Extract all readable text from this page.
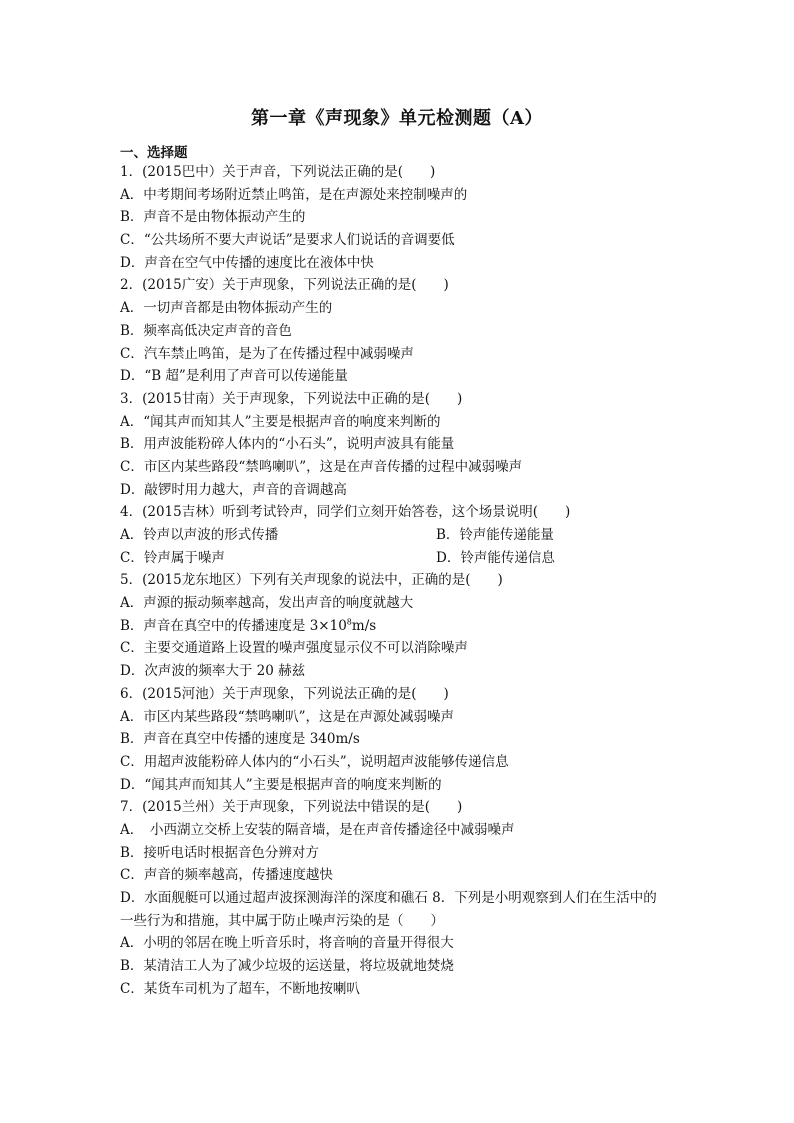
第一章《声现象》单元检测题（A）
一、选择题
1．(2015巴中）关于声音，下列说法正确的是(　　)
A．中考期间考场附近禁止鸣笛，是在声源处来控制噪声的
B．声音不是由物体振动产生的
C．“公共场所不要大声说话”是要求人们说话的音调要低
D．声音在空气中传播的速度比在液体中快
2．(2015广安）关于声现象，下列说法正确的是(　　)
A．一切声音都是由物体振动产生的
B．频率高低决定声音的音色
C．汽车禁止鸣笛，是为了在传播过程中减弱噪声
D．“B 超”是利用了声音可以传递能量
3．(2015甘南）关于声现象，下列说法中正确的是(　　)
A．“闻其声而知其人”主要是根据声音的响度来判断的
B．用声波能粉碎人体内的“小石头”，说明声波具有能量
C．市区内某些路段“禁鸣喇叭”，这是在声音传播的过程中减弱噪声
D．敲锣时用力越大，声音的音调越高
4．(2015吉林）听到考试铃声，同学们立刻开始答卷，这个场景说明(　　)
A．铃声以声波的形式传播	B．铃声能传递能量
C．铃声属于噪声	D．铃声能传递信息
5．(2015龙东地区）下列有关声现象的说法中，正确的是(　　)
A．声源的振动频率越高，发出声音的响度就越大
B．声音在真空中的传播速度是 $3\times 10^8m/s$
C．主要交通道路上设置的噪声强度显示仪不可以消除噪声
D．次声波的频率大于 20 赫兹
6．(2015河池）关于声现象，下列说法正确的是(　　)
A．市区内某些路段“禁鸣喇叭”，这是在声源处减弱噪声
B．声音在真空中传播的速度是 340m/s
C．用超声波能粉碎人体内的“小石头”，说明超声波能够传递信息
D．“闻其声而知其人”主要是根据声音的响度来判断的
7．(2015兰州）关于声现象，下列说法中错误的是(　　)
A．　小西湖立交桥上安装的隔音墙，是在声音传播途径中减弱噪声
B．接听电话时根据音色分辨对方
C．声音的频率越高，传播速度越快
D．水面舰艇可以通过超声波探测海洋的深度和礁石 8．下列是小明观察到人们在生活中的
一些行为和措施，其中属于防止噪声污染的是（　　）
A．小明的邻居在晚上听音乐时，将音响的音量开得很大
B．某清洁工人为了减少垃圾的运送量，将垃圾就地焚烧
C．某货车司机为了超车，不断地按喇叭
